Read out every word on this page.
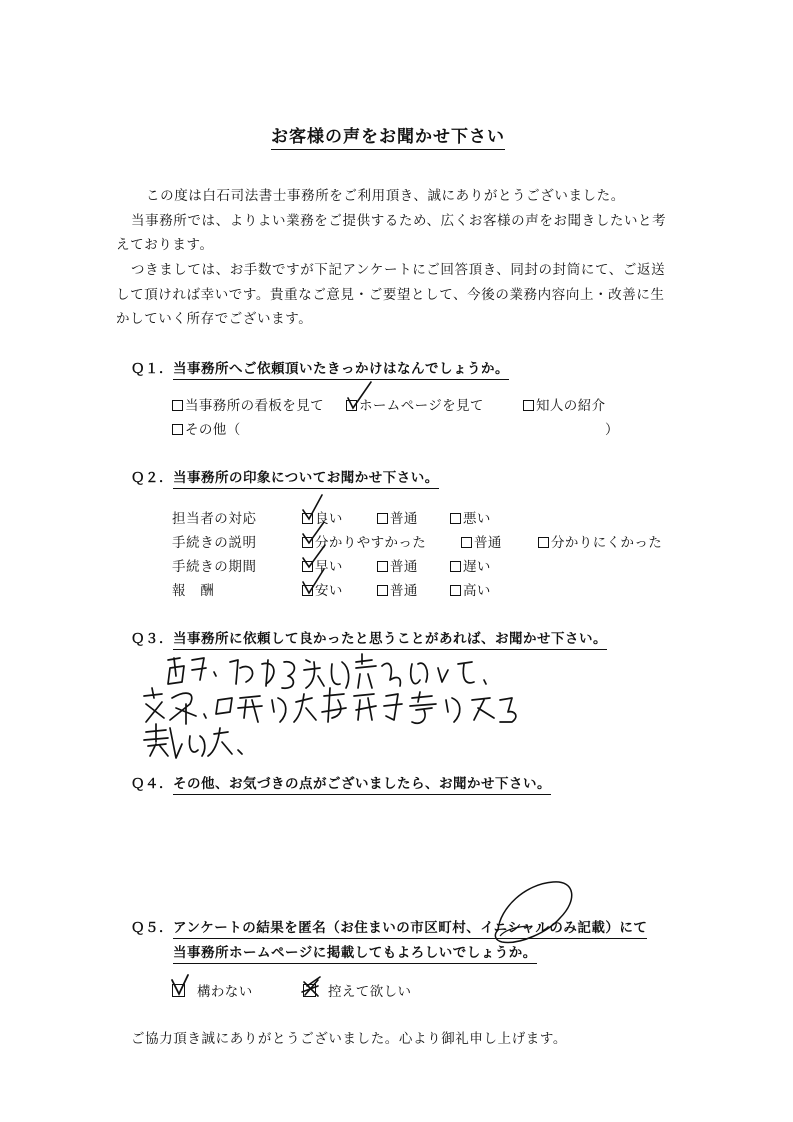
お客様の声をお聞かせ下さい
この度は白石司法書士事務所をご利用頂き、誠にありがとうございました。
当事務所では、よりよい業務をご提供するため、広くお客様の声をお聞きしたいと考
えております。
つきましては、お手数ですが下記アンケートにご回答頂き、同封の封筒にて、ご返送
して頂ければ幸いです。貴重なご意見・ご要望として、今後の業務内容向上・改善に生
かしていく所存でございます。
Ｑ１．当事務所へご依頼頂いたきっかけはなんでしょうか。
当事務所の看板を見て	ホームページを見て	知人の紹介
その他（	）
Ｑ２．当事務所の印象についてお聞かせ下さい。
担当者の対応	良い	普通	悪い
手続きの説明	分かりやすかった	普通	分かりにくかった
手続きの期間	早い	普通	遅い
報　酬	安い	普通	高い
Ｑ３．当事務所に依頼して良かったと思うことがあれば、お聞かせ下さい。
Ｑ４．その他、お気づきの点がございましたら、お聞かせ下さい。
Ｑ５．アンケートの結果を匿名（お住まいの市区町村、イニシャルのみ記載）にて
当事務所ホームページに掲載してもよろしいでしょうか。
構わない	控えて欲しい
ご協力頂き誠にありがとうございました。心より御礼申し上げます。
